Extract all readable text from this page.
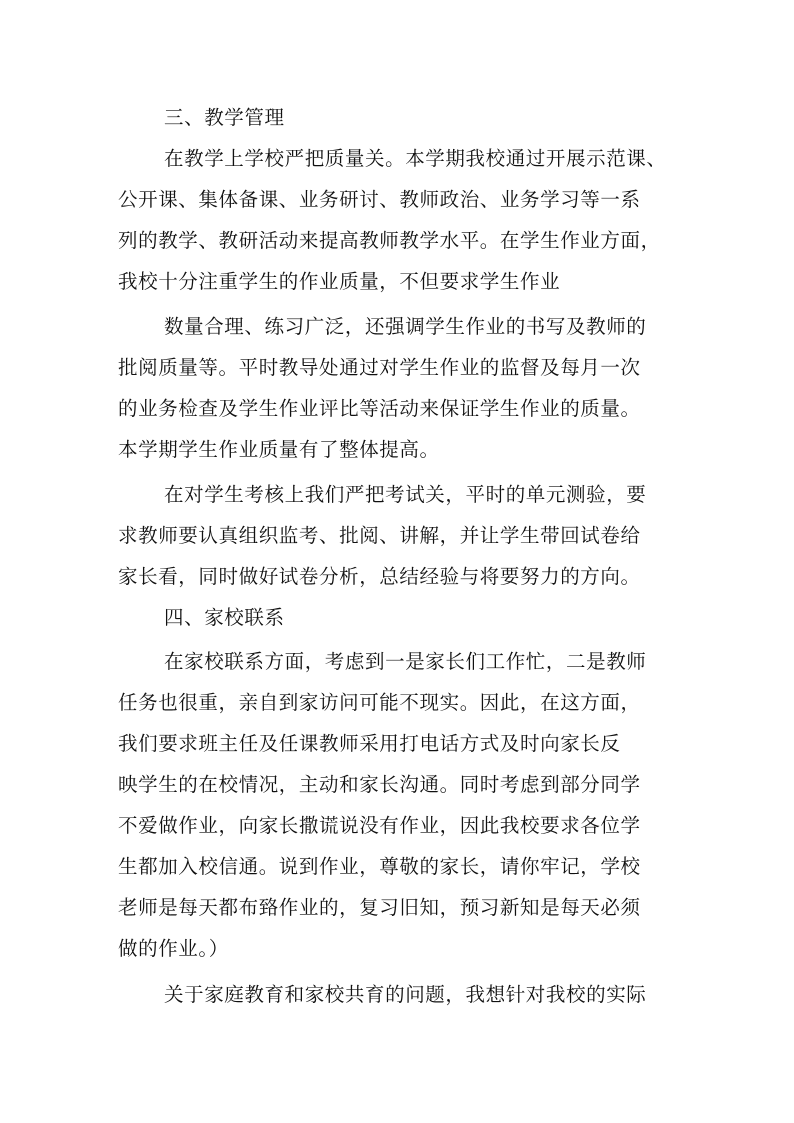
三、教学管理
在教学上学校严把质量关。本学期我校通过开展示范课、
公开课、集体备课、业务研讨、教师政治、业务学习等一系
列的教学、教研活动来提高教师教学水平。在学生作业方面，
我校十分注重学生的作业质量，不但要求学生作业
数量合理、练习广泛，还强调学生作业的书写及教师的
批阅质量等。平时教导处通过对学生作业的监督及每月一次
的业务检查及学生作业评比等活动来保证学生作业的质量。
本学期学生作业质量有了整体提高。
在对学生考核上我们严把考试关，平时的单元测验，要
求教师要认真组织监考、批阅、讲解，并让学生带回试卷给
家长看，同时做好试卷分析，总结经验与将要努力的方向。
四、家校联系
在家校联系方面，考虑到一是家长们工作忙，二是教师
任务也很重，亲自到家访问可能不现实。因此，在这方面，
我们要求班主任及任课教师采用打电话方式及时向家长反
映学生的在校情况，主动和家长沟通。同时考虑到部分同学
不爱做作业，向家长撒谎说没有作业，因此我校要求各位学
生都加入校信通。说到作业，尊敬的家长，请你牢记，学校
老师是每天都布臵作业的，复习旧知，预习新知是每天必须
做的作业。）
关于家庭教育和家校共育的问题，我想针对我校的实际
